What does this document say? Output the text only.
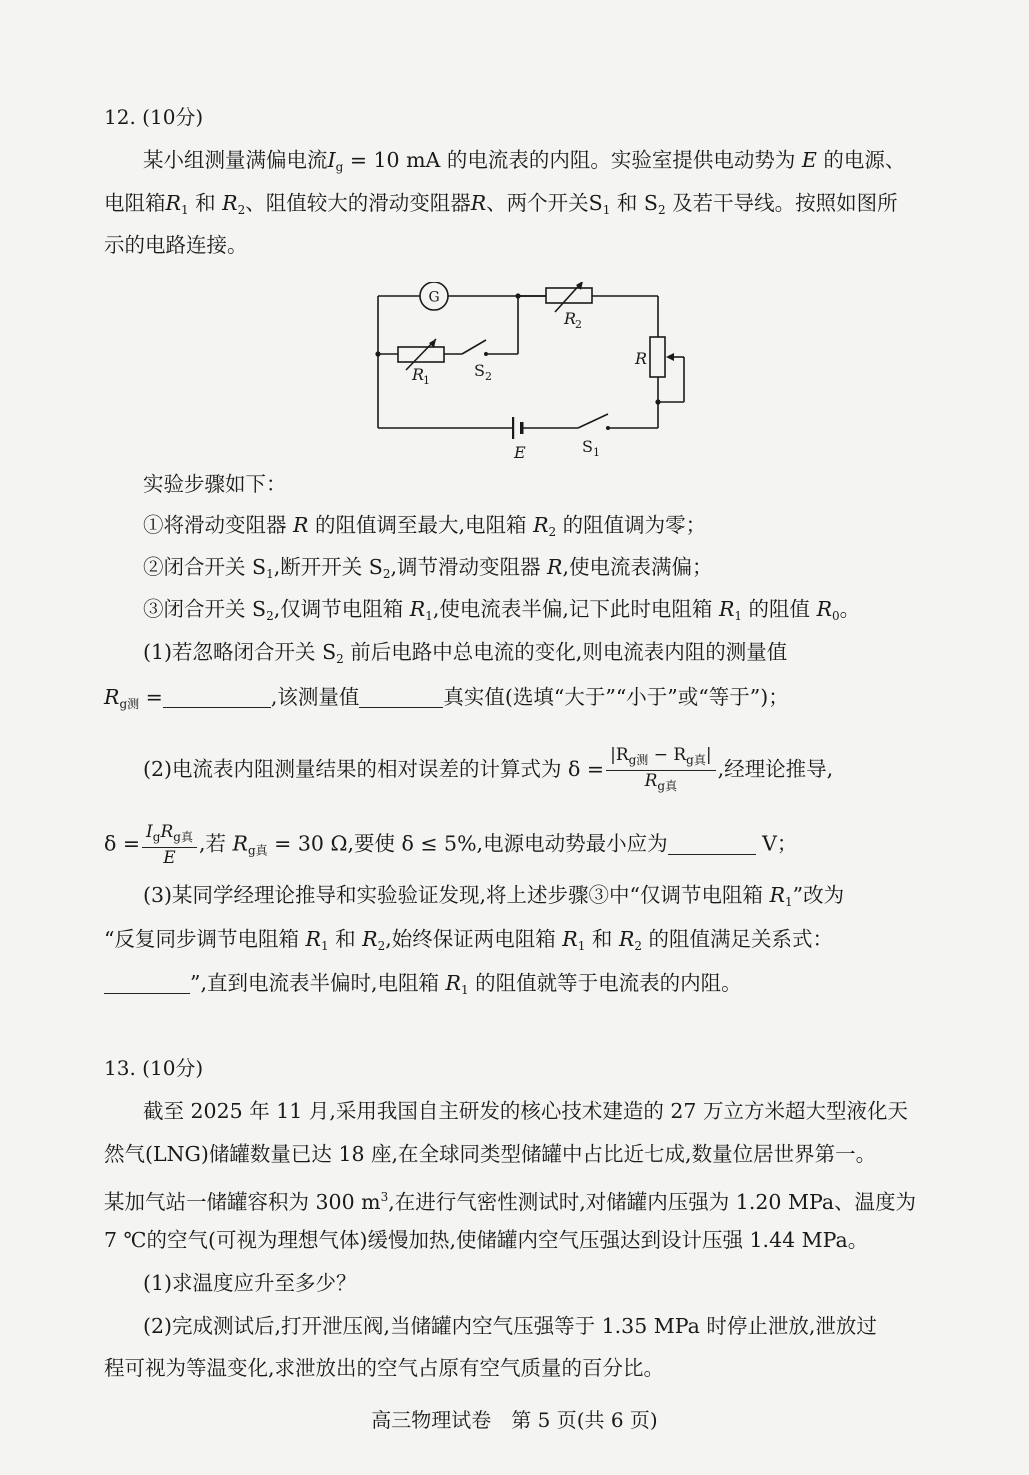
12. (10分)
某小组测量满偏电流$I_g = 10$ mA 的电流表的内阻。实验室提供电动势为 E 的电源、
电阻箱$R_1$ 和 $R_2$、阻值较大的滑动变阻器R、两个开关$S_1$ 和 $S_2$ 及若干导线。按照如图所
示的电路连接。
G
R
2
R
1
S 2
R
E	S 1
实验步骤如下：
①将滑动变阻器 R 的阻值调至最大,电阻箱 $R_2$ 的阻值调为零；
②闭合开关 $S_1$,断开开关 $S_2$,调节滑动变阻器 R,使电流表满偏；
③闭合开关 $S_2$,仅调节电阻箱 $R_1$,使电流表半偏,记下此时电阻箱 $R_1$ 的阻值 $R_0$。
(1)若忽略闭合开关 $S_2$ 前后电路中总电流的变化,则电流表内阻的测量值
$R_{g测}$ =	,该测量值	真实值(选填“大于”“小于”或“等于”)；
(2)电流表内阻测量结果的相对误差的计算式为 $\delta = \frac{|R_{g测} - R_{g真}|}{R_{g真}}$ ,经理论推导,
$\delta = \frac{I_gR_{g真}}{E}$ ,若 $R_{g真} = 30$ Ω,要使 δ ≤ 5%,电源电动势最小应为	V；
(3)某同学经理论推导和实验验证发现,将上述步骤③中“仅调节电阻箱 $R_1$”改为
“反复同步调节电阻箱 $R_1$ 和 $R_2$,始终保证两电阻箱 $R_1$ 和 $R_2$ 的阻值满足关系式：
”,直到电流表半偏时,电阻箱 $R_1$ 的阻值就等于电流表的内阻。
13. (10分)
截至 2025 年 11 月,采用我国自主研发的核心技术建造的 27 万立方米超大型液化天
然气(LNG)储罐数量已达 18 座,在全球同类型储罐中占比近七成,数量位居世界第一。
某加气站一储罐容积为 300 $m^3$,在进行气密性测试时,对储罐内压强为 1.20 MPa、温度为
7 ℃的空气(可视为理想气体)缓慢加热,使储罐内空气压强达到设计压强 1.44 MPa。
(1)求温度应升至多少？
(2)完成测试后,打开泄压阀,当储罐内空气压强等于 1.35 MPa 时停止泄放,泄放过
程可视为等温变化,求泄放出的空气占原有空气质量的百分比。
高三物理试卷　第 5 页(共 6 页)
